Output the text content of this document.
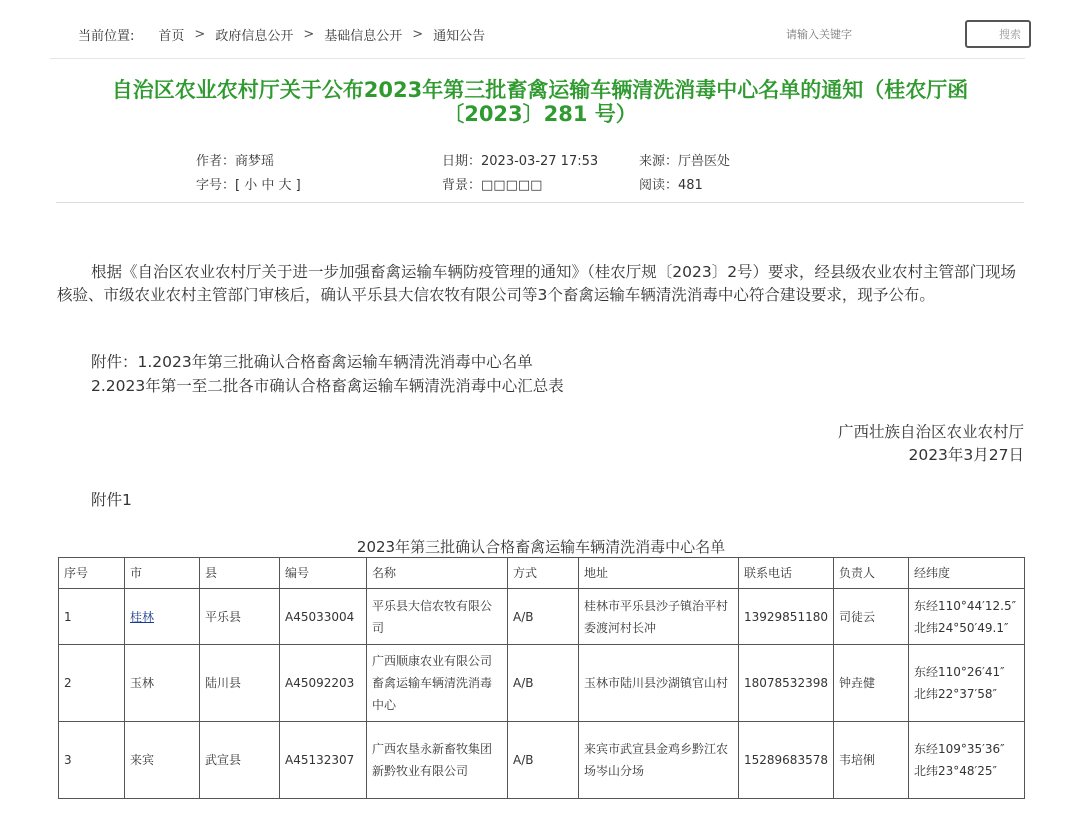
当前位置: 首页 > 政府信息公开 > 基础信息公开 > 通知公告
请输入关键字	搜索
自治区农业农村厅关于公布2023年第三批畜禽运输车辆清洗消毒中心名单的通知（桂农厅函
〔2023〕281 号）
作者：商梦瑶	日期：2023-03-27 17:53	来源：厅兽医处
字号：[ 小 中 大 ]	背景：□□□□□	阅读：481
根据《自治区农业农村厅关于进一步加强畜禽运输车辆防疫管理的通知》（桂农厅规〔2023〕2号）要求，经县级农业农村主管部门现场核验、市级农业农村主管部门审核后，确认平乐县大信农牧有限公司等3个畜禽运输车辆清洗消毒中心符合建设要求，现予公布。
附件：1.2023年第三批确认合格畜禽运输车辆清洗消毒中心名单
2.2023年第一至二批各市确认合格畜禽运输车辆清洗消毒中心汇总表
广西壮族自治区农业农村厅
2023年3月27日
附件1
2023年第三批确认合格畜禽运输车辆清洗消毒中心名单
序号	市	县	编号	名称	方式	地址	联系电话	负责人	经纬度
1	桂林	平乐县	A45033004	平乐县大信农牧有限公司	A/B	桂林市平乐县沙子镇治平村委渡河村长冲	13929851180	司徒云	东经110°44′12.5″ 北纬24°50′49.1″
2	玉林	陆川县	A45092203	广西顺康农业有限公司畜禽运输车辆清洗消毒中心	A/B	玉林市陆川县沙湖镇官山村	18078532398	钟垚健	东经110°26′41″ 北纬22°37′58″
3	来宾	武宣县	A45132307	广西农垦永新畜牧集团新黔牧业有限公司	A/B	来宾市武宣县金鸡乡黔江农场岑山分场	15289683578	韦培俐	东经109°35′36″ 北纬23°48′25″
